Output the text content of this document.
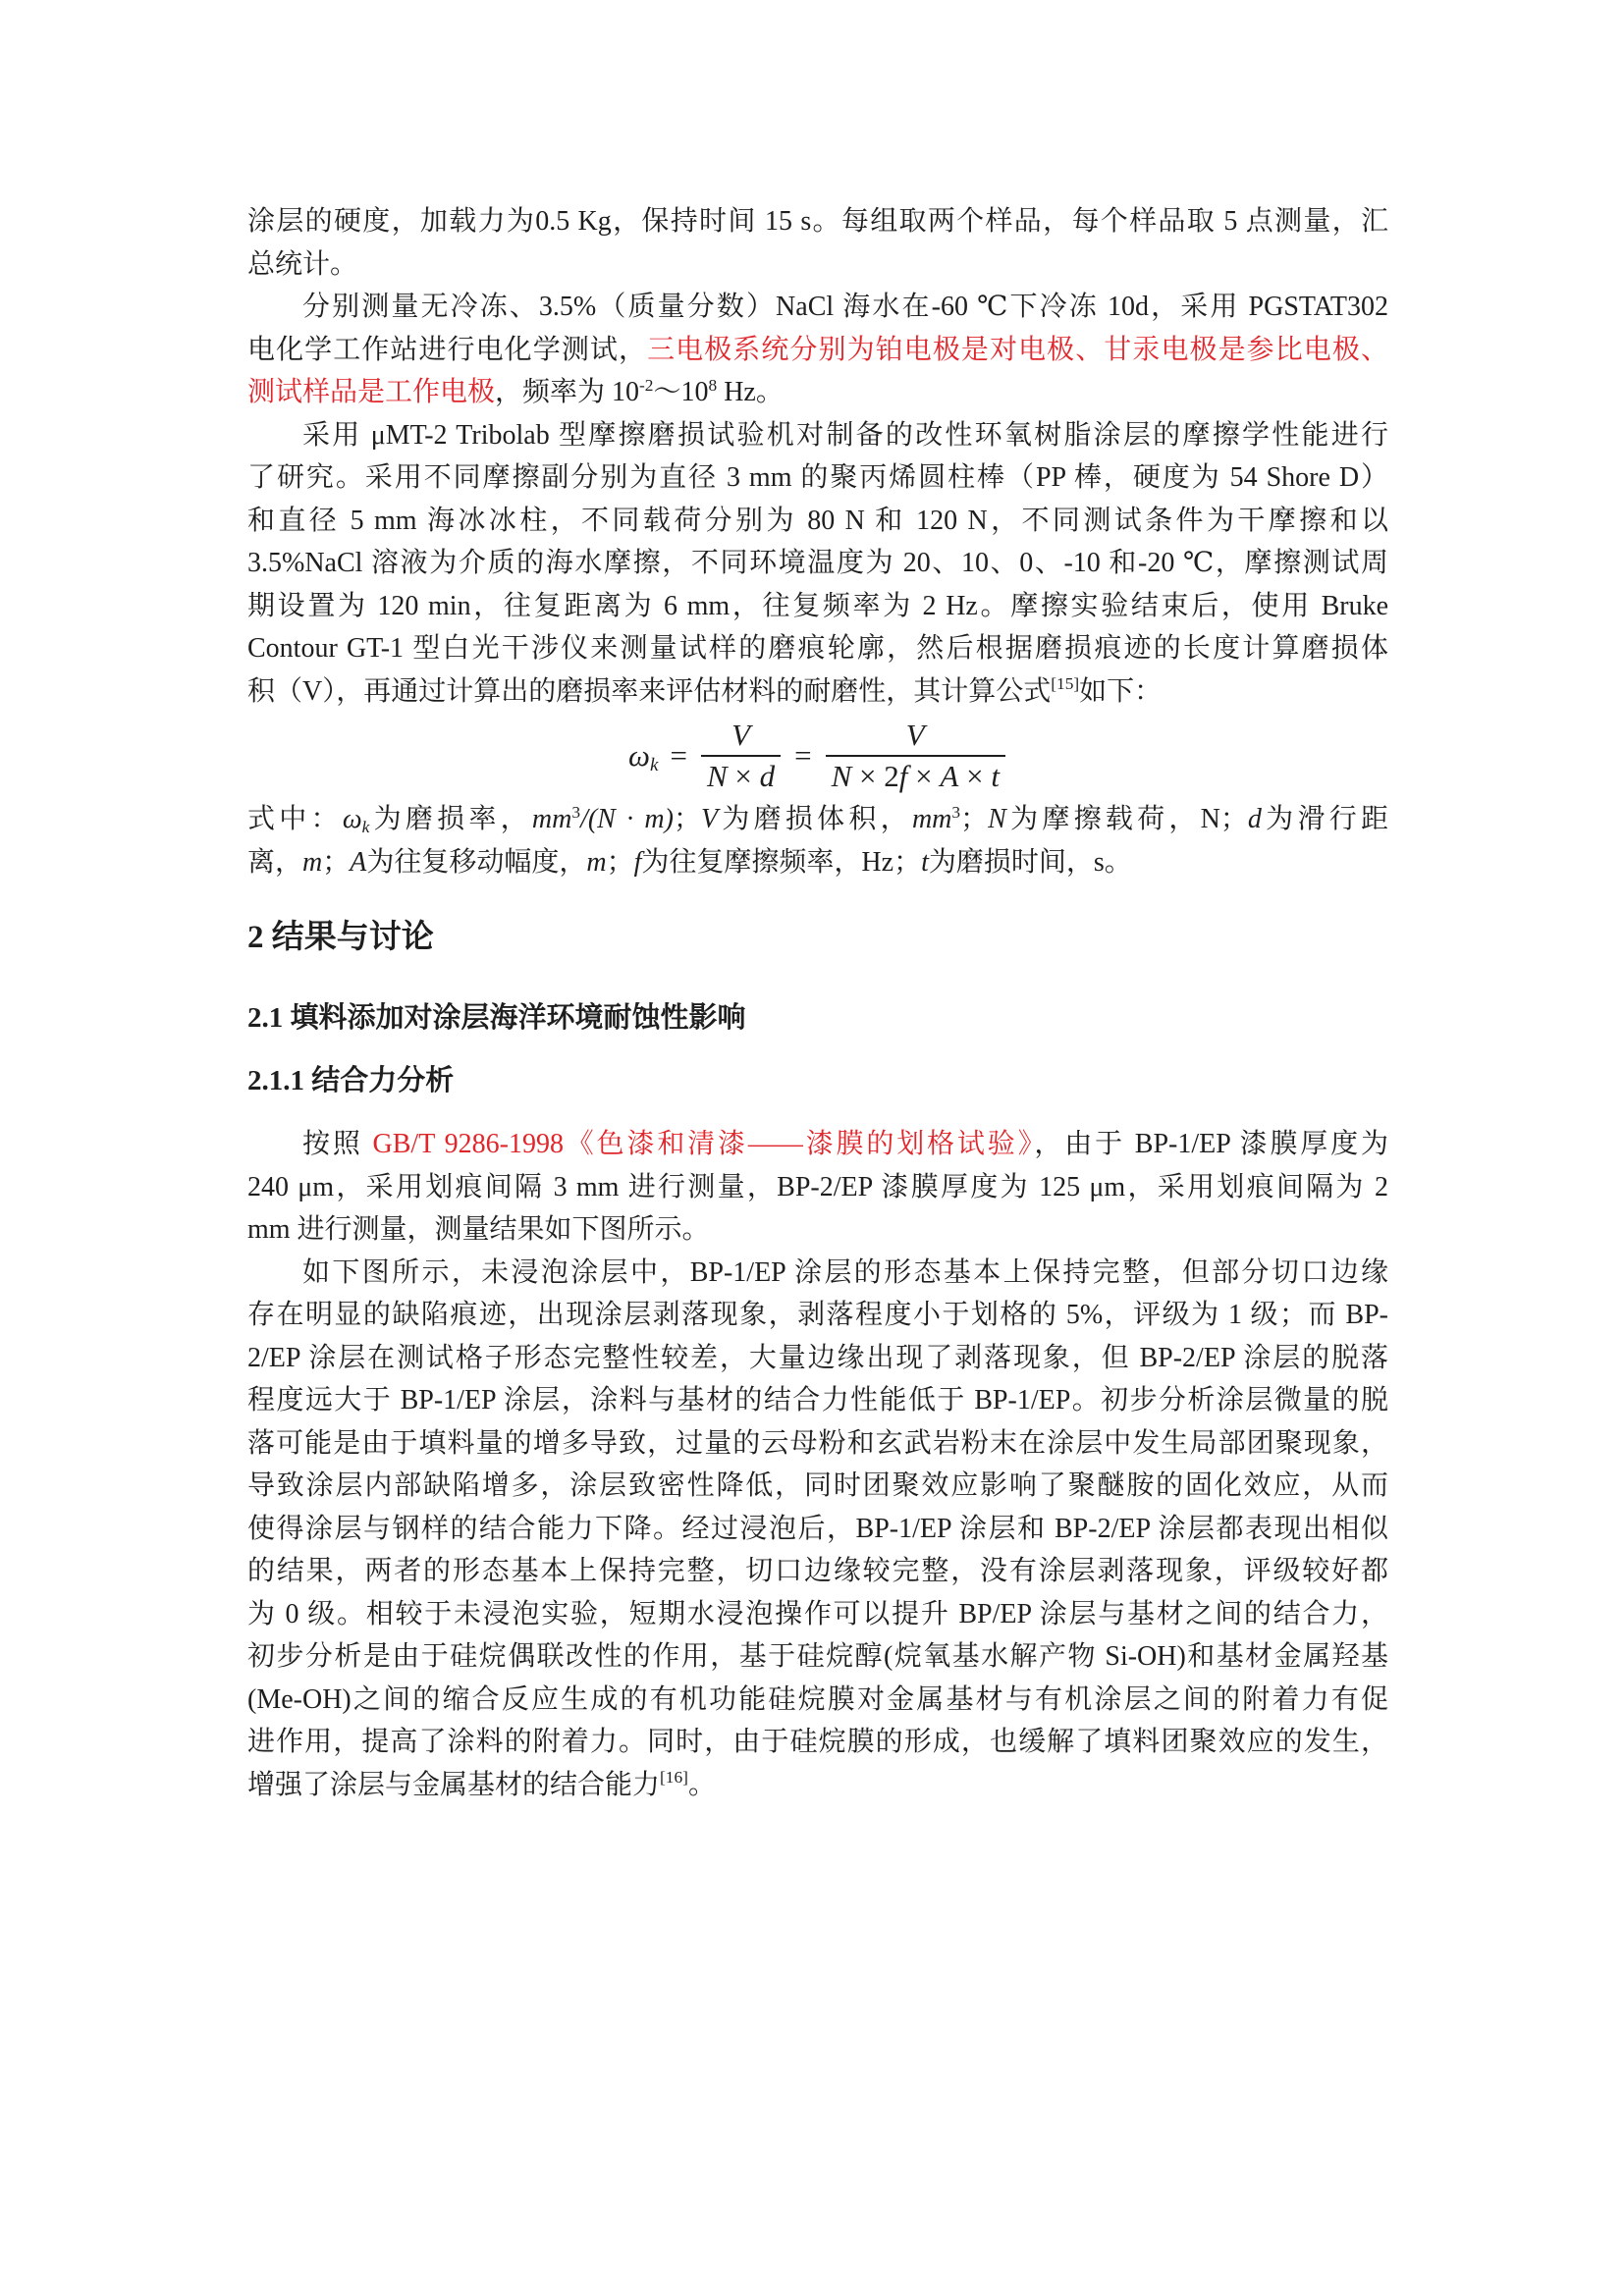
涂层的硬度，加载力为0.5 Kg，保持时间 15 s。每组取两个样品，每个样品取 5 点测量，汇
总统计。
分别测量无冷冻、3.5%（质量分数）NaCl 海水在-60 ℃下冷冻 10d，采用 PGSTAT302
电化学工作站进行电化学测试，三电极系统分别为铂电极是对电极、甘汞电极是参比电极、
测试样品是工作电极，频率为 $10^{-2}\sim 10^8$ Hz。
采用 μMT-2 Tribolab 型摩擦磨损试验机对制备的改性环氧树脂涂层的摩擦学性能进行
了研究。采用不同摩擦副分别为直径 3 mm 的聚丙烯圆柱棒（PP 棒，硬度为 54 Shore D）
和直径 5 mm 海冰冰柱，不同载荷分别为 80 N 和 120 N，不同测试条件为干摩擦和以
3.5%NaCl 溶液为介质的海水摩擦，不同环境温度为 20、10、0、-10 和-20 ℃，摩擦测试周
期设置为 120 min，往复距离为 6 mm，往复频率为 2 Hz。摩擦实验结束后，使用 Bruke
Contour GT-1 型白光干涉仪来测量试样的磨痕轮廓，然后根据磨损痕迹的长度计算磨损体
积（V），再通过计算出的磨损率来评估材料的耐磨性，其计算公式[15]如下：
$\omega_k = \frac{V}{N \times d} = \frac{V}{N \times 2f \times A \times t}$
式中：$\omega_k$为磨损率，$mm^3/(N \cdot m)$；V为磨损体积，$mm^3$；N为摩擦载荷，N；d为滑行距
离，m；A为往复移动幅度，m；f为往复摩擦频率，Hz；t为磨损时间，s。
2 结果与讨论
2.1 填料添加对涂层海洋环境耐蚀性影响
2.1.1 结合力分析
按照 GB/T 9286-1998《色漆和清漆——漆膜的划格试验》，由于 BP-1/EP 漆膜厚度为
240 μm，采用划痕间隔 3 mm 进行测量，BP-2/EP 漆膜厚度为 125 μm，采用划痕间隔为 2
mm 进行测量，测量结果如下图所示。
如下图所示，未浸泡涂层中，BP-1/EP 涂层的形态基本上保持完整，但部分切口边缘
存在明显的缺陷痕迹，出现涂层剥落现象，剥落程度小于划格的 5%，评级为 1 级；而 BP-
2/EP 涂层在测试格子形态完整性较差，大量边缘出现了剥落现象，但 BP-2/EP 涂层的脱落
程度远大于 BP-1/EP 涂层，涂料与基材的结合力性能低于 BP-1/EP。初步分析涂层微量的脱
落可能是由于填料量的增多导致，过量的云母粉和玄武岩粉末在涂层中发生局部团聚现象，
导致涂层内部缺陷增多，涂层致密性降低，同时团聚效应影响了聚醚胺的固化效应，从而
使得涂层与钢样的结合能力下降。经过浸泡后，BP-1/EP 涂层和 BP-2/EP 涂层都表现出相似
的结果，两者的形态基本上保持完整，切口边缘较完整，没有涂层剥落现象，评级较好都
为 0 级。相较于未浸泡实验，短期水浸泡操作可以提升 BP/EP 涂层与基材之间的结合力，
初步分析是由于硅烷偶联改性的作用，基于硅烷醇(烷氧基水解产物 Si-OH)和基材金属羟基
(Me-OH)之间的缩合反应生成的有机功能硅烷膜对金属基材与有机涂层之间的附着力有促
进作用，提高了涂料的附着力。同时，由于硅烷膜的形成，也缓解了填料团聚效应的发生，
增强了涂层与金属基材的结合能力[16]。
